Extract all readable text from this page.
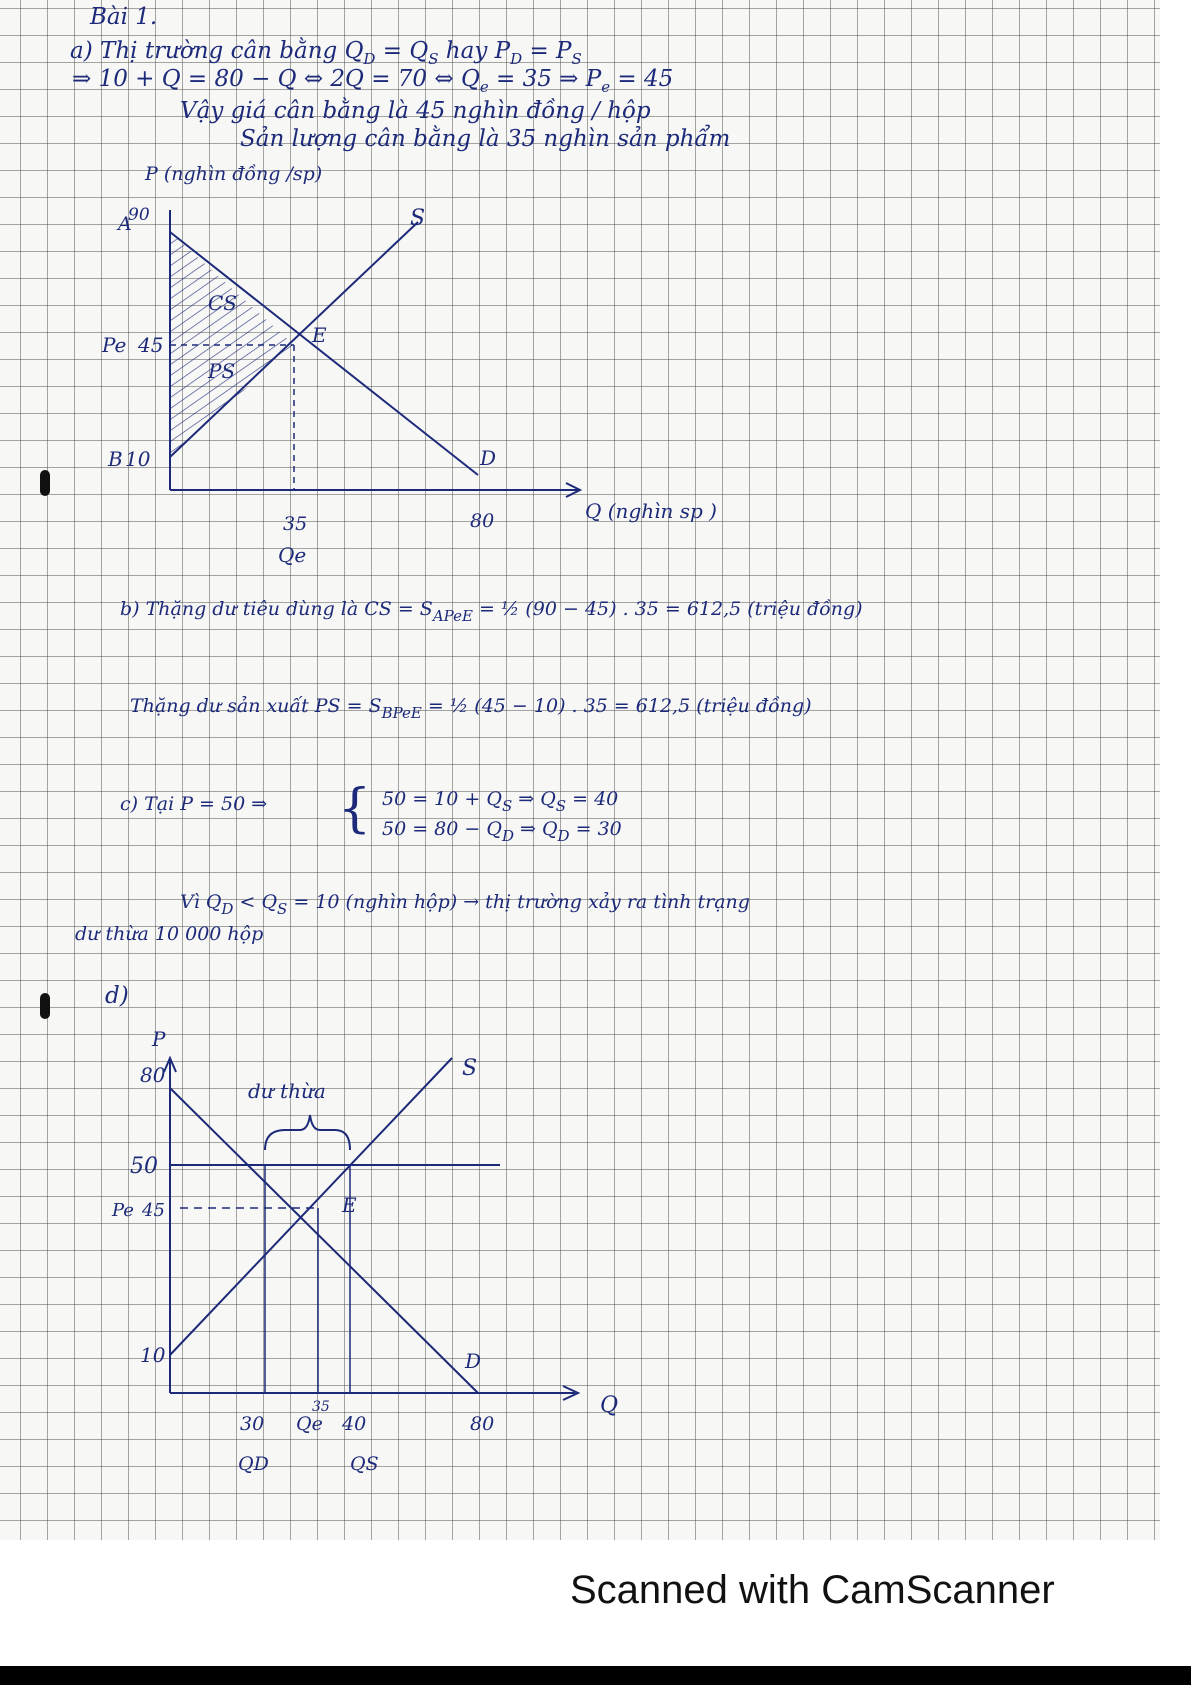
Bài 1.
a) Thị trường cân bằng $Q_D = Q_S$ hay $P_D = P_S$
⇒ 10 + Q = 80 − Q ⇔ 2Q = 70 ⇔ $Q_e = 35$ ⇒ $P_e = 45$
Vậy giá cân bằng là 45 nghìn đồng / hộp
Sản lượng cân bằng là 35 nghìn sản phẩm
P (nghìn đồng /sp)
A
90
Pe 45
B 10
S
D
E
CS
PS
35	80
Qe
Q (nghìn sp )
b) Thặng dư tiêu dùng là CS = $S_{APeE}$ = ½ (90 − 45) . 35 = 612,5 (triệu đồng)
Thặng dư sản xuất PS = $S_{BPeE}$ = ½ (45 − 10) . 35 = 612,5 (triệu đồng)
c) Tại P = 50 ⇒ { $50 = 10 + Q_S$ ⇒ $Q_S = 40$
$50 = 80 - Q_D$ ⇒ $Q_D = 30$
Vì $Q_D < Q_S = 10$ (nghìn hộp) → thị trường xảy ra tình trạng
dư thừa 10 000 hộp
d)
P
80
50
Pe 45
10
S
D
E
dư thừa
30 Qe
35
40	80
Q
QD	QS
Scanned with CamScanner
